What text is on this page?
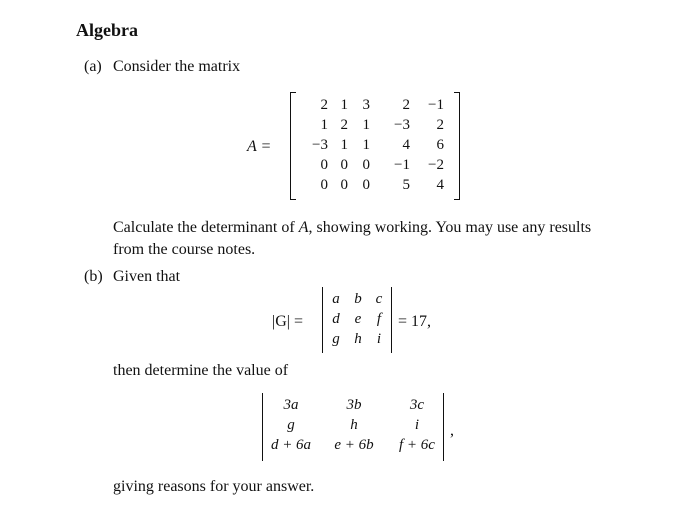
Algebra
(a) Consider the matrix
A =
2	1	3	2	−1
1	2	1	−3	2
−3	1	1	4	6
0	0	0	−1	−2
0	0	0	5	4
Calculate the determinant of A, showing working. You may use any results from the course notes.
(b) Given that
|G| =
a	b	c
d	e	f
g	h	i
= 17,
then determine the value of
3a	3b	3c
g	h	i
d + 6a	e + 6b	f + 6c
,
giving reasons for your answer.
